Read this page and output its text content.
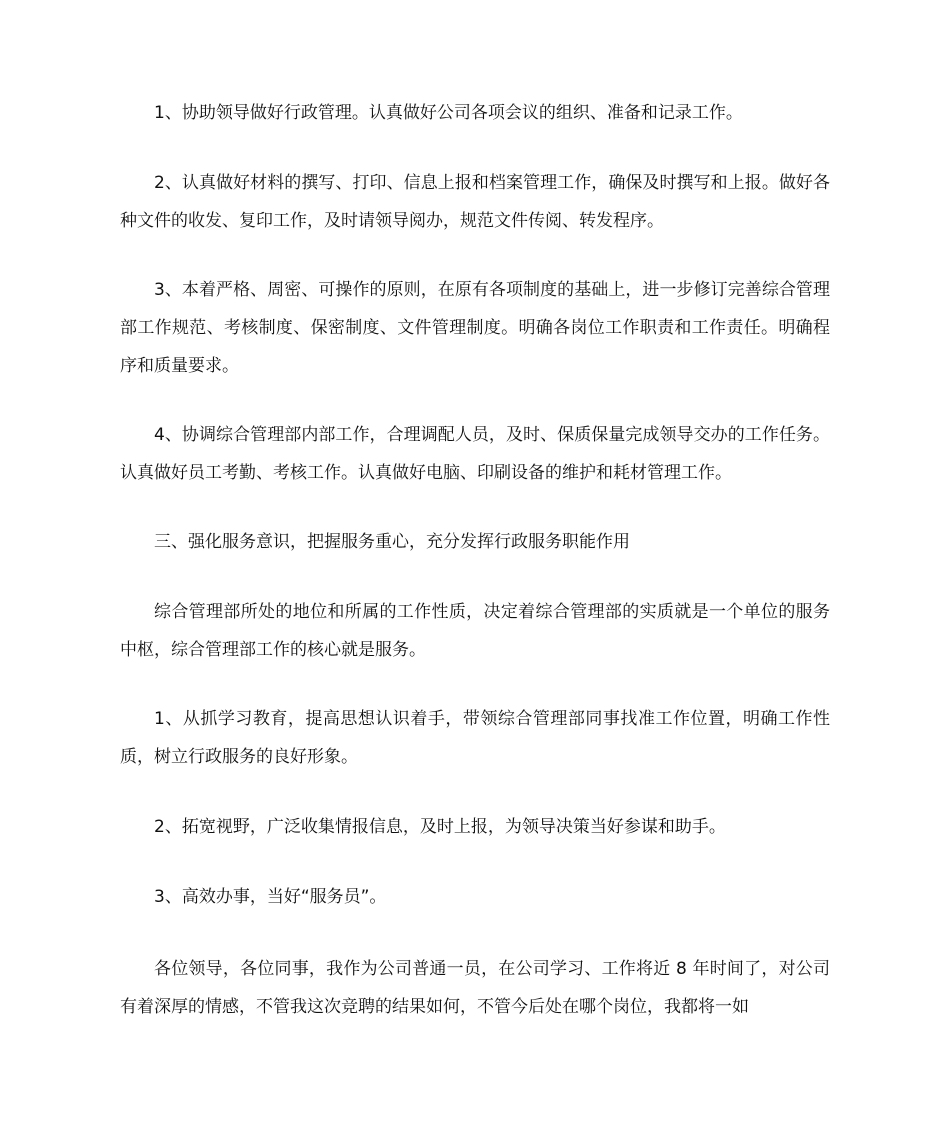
1、协助领导做好行政管理。认真做好公司各项会议的组织、准备和记录工作。

2、认真做好材料的撰写、打印、信息上报和档案管理工作，确保及时撰写和上报。做好各种文件的收发、复印工作，及时请领导阅办，规范文件传阅、转发程序。

3、本着严格、周密、可操作的原则，在原有各项制度的基础上，进一步修订完善综合管理部工作规范、考核制度、保密制度、文件管理制度。明确各岗位工作职责和工作责任。明确程序和质量要求。

4、协调综合管理部内部工作，合理调配人员，及时、保质保量完成领导交办的工作任务。认真做好员工考勤、考核工作。认真做好电脑、印刷设备的维护和耗材管理工作。

三、强化服务意识，把握服务重心，充分发挥行政服务职能作用

综合管理部所处的地位和所属的工作性质，决定着综合管理部的实质就是一个单位的服务中枢，综合管理部工作的核心就是服务。

1、从抓学习教育，提高思想认识着手，带领综合管理部同事找准工作位置，明确工作性质，树立行政服务的良好形象。

2、拓宽视野，广泛收集情报信息，及时上报，为领导决策当好参谋和助手。

3、高效办事，当好“服务员”。

各位领导，各位同事，我作为公司普通一员，在公司学习、工作将近 8 年时间了，对公司有着深厚的情感，不管我这次竞聘的结果如何，不管今后处在哪个岗位，我都将一如
